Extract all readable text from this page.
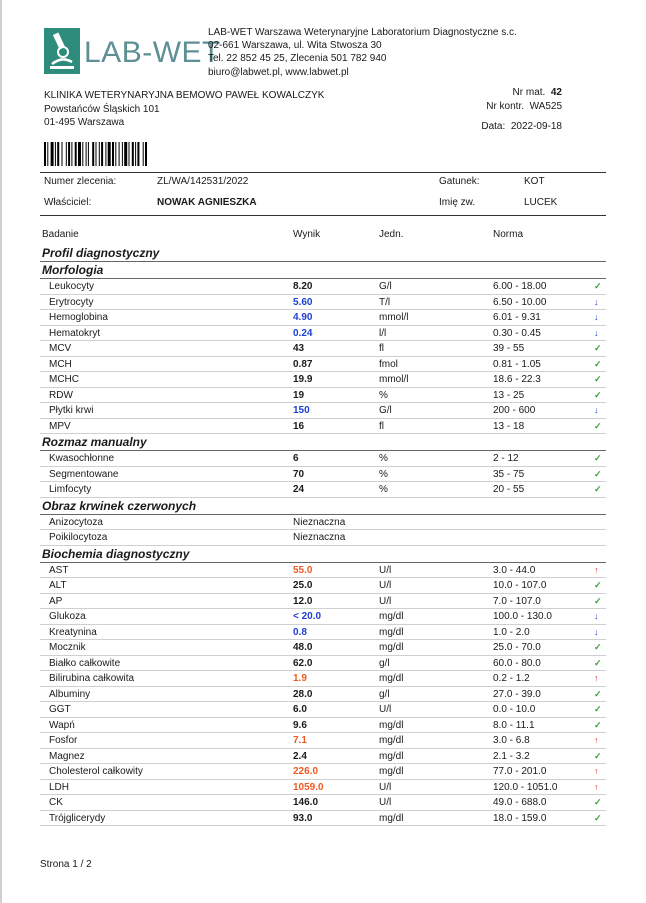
LAB-WET
LAB-WET Warszawa Weterynaryjne Laboratorium Diagnostyczne s.c.
02-661 Warszawa, ul. Wita Stwosza 30
Tel. 22 852 45 25, Zlecenia 501 782 940
biuro@labwet.pl, www.labwet.pl
KLINIKA WETERYNARYJNA BEMOWO PAWEŁ KOWALCZYK
Powstańców Śląskich 101
01-495 Warszawa
Nr mat. 42
Nr kontr. WA525
Data: 2022-09-18
Numer zlecenia:	ZL/WA/142531/2022	Gatunek:	KOT
Właściciel:	NOWAK AGNIESZKA	Imię zw.	LUCEK
Badanie	Wynik	Jedn.	Norma
Profil diagnostyczny
Morfologia
Leukocyty	8.20	G/l	6.00 - 18.00	✓
Erytrocyty	5.60	T/l	6.50 - 10.00	↓
Hemoglobina	4.90	mmol/l	6.01 - 9.31	↓
Hematokryt	0.24	l/l	0.30 - 0.45	↓
MCV	43	fl	39 - 55	✓
MCH	0.87	fmol	0.81 - 1.05	✓
MCHC	19.9	mmol/l	18.6 - 22.3	✓
RDW	19	%	13 - 25	✓
Płytki krwi	150	G/l	200 - 600	↓
MPV	16	fl	13 - 18	✓
Rozmaz manualny
Kwasochłonne	6	%	2 - 12	✓
Segmentowane	70	%	35 - 75	✓
Limfocyty	24	%	20 - 55	✓
Obraz krwinek czerwonych
Anizocytoza	Nieznaczna
Poikilocytoza	Nieznaczna
Biochemia diagnostyczny
AST	55.0	U/l	3.0 - 44.0	↑
ALT	25.0	U/l	10.0 - 107.0	✓
AP	12.0	U/l	7.0 - 107.0	✓
Glukoza	< 20.0	mg/dl	100.0 - 130.0	↓
Kreatynina	0.8	mg/dl	1.0 - 2.0	↓
Mocznik	48.0	mg/dl	25.0 - 70.0	✓
Białko całkowite	62.0	g/l	60.0 - 80.0	✓
Bilirubina całkowita	1.9	mg/dl	0.2 - 1.2	↑
Albuminy	28.0	g/l	27.0 - 39.0	✓
GGT	6.0	U/l	0.0 - 10.0	✓
Wapń	9.6	mg/dl	8.0 - 11.1	✓
Fosfor	7.1	mg/dl	3.0 - 6.8	↑
Magnez	2.4	mg/dl	2.1 - 3.2	✓
Cholesterol całkowity	226.0	mg/dl	77.0 - 201.0	↑
LDH	1059.0	U/l	120.0 - 1051.0	↑
CK	146.0	U/l	49.0 - 688.0	✓
Trójglicerydy	93.0	mg/dl	18.0 - 159.0	✓
Strona 1 / 2
